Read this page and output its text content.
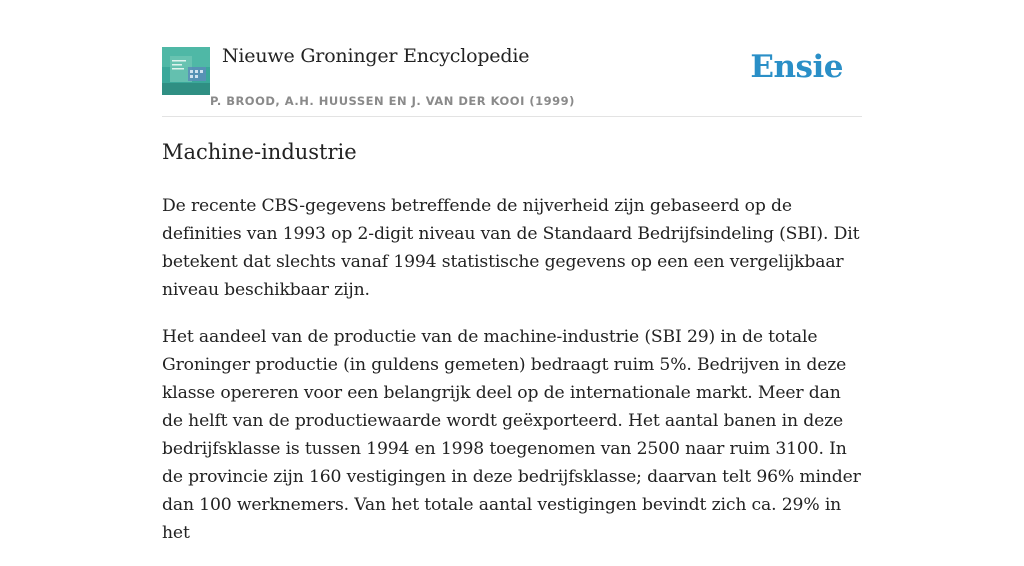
Nieuwe Groninger Encyclopedie
P. BROOD, A.H. HUUSSEN EN J. VAN DER KOOI (1999)
Ensie
Machine-industrie

De recente CBS-gegevens betreffende de nijverheid zijn gebaseerd op de definities van 1993 op 2-digit niveau van de Standaard Bedrijfsindeling (SBI). Dit betekent dat slechts vanaf 1994 statistische gegevens op een een vergelijkbaar niveau beschikbaar zijn.

Het aandeel van de productie van de machine-industrie (SBI 29) in de totale Groninger productie (in guldens gemeten) bedraagt ruim 5%. Bedrijven in deze klasse opereren voor een belangrijk deel op de internationale markt. Meer dan de helft van de productiewaarde wordt geëxporteerd. Het aantal banen in deze bedrijfsklasse is tussen 1994 en 1998 toegenomen van 2500 naar ruim 3100. In de provincie zijn 160 vestigingen in deze bedrijfsklasse; daarvan telt 96% minder dan 100 werknemers. Van het totale aantal vestigingen bevindt zich ca. 29% in het
